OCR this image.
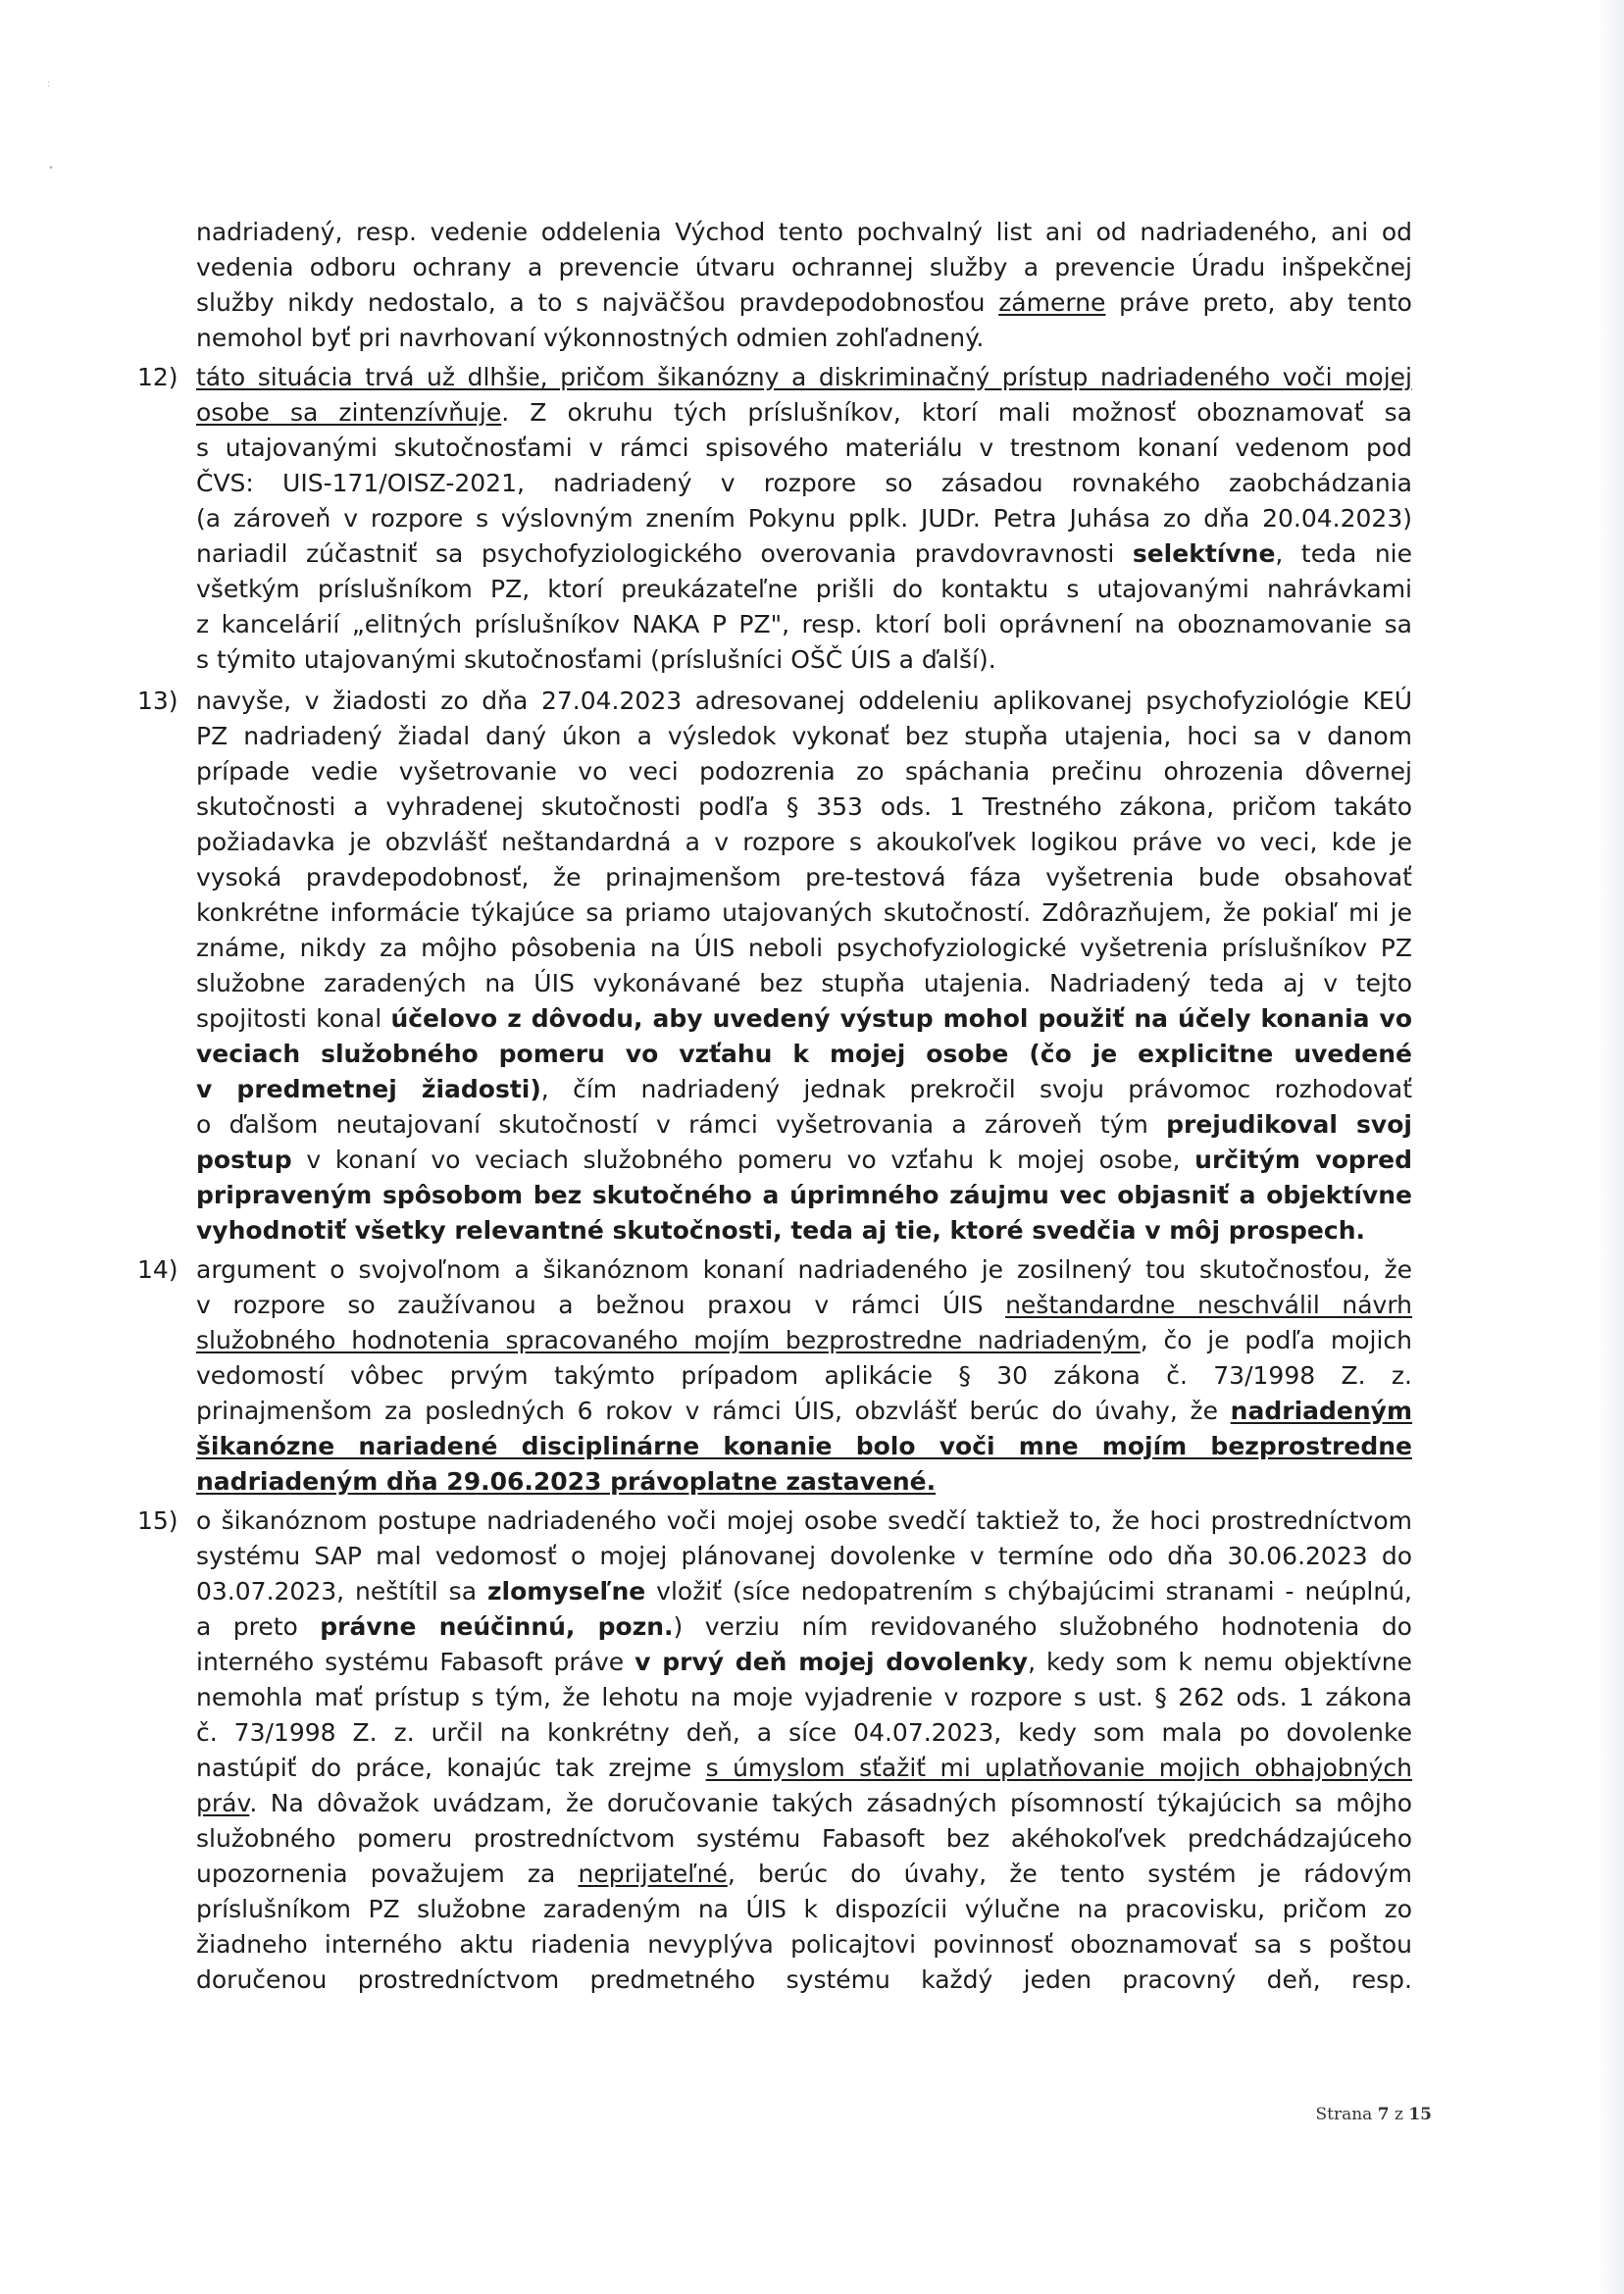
:
•
nadriadený, resp. vedenie oddelenia Východ tento pochvalný list ani od nadriadeného, ani od
vedenia odboru ochrany a prevencie útvaru ochrannej služby a prevencie Úradu inšpekčnej
služby nikdy nedostalo, a to s najväčšou pravdepodobnosťou zámerne práve preto, aby tento
nemohol byť pri navrhovaní výkonnostných odmien zohľadnený.
12) táto situácia trvá už dlhšie, pričom šikanózny a diskriminačný prístup nadriadeného voči mojej
osobe sa zintenzívňuje. Z okruhu tých príslušníkov, ktorí mali možnosť oboznamovať sa
s utajovanými skutočnosťami v rámci spisového materiálu v trestnom konaní vedenom pod
ČVS: UIS-171/OISZ-2021, nadriadený v rozpore so zásadou rovnakého zaobchádzania
(a zároveň v rozpore s výslovným znením Pokynu pplk. JUDr. Petra Juhása zo dňa 20.04.2023)
nariadil zúčastniť sa psychofyziologického overovania pravdovravnosti selektívne, teda nie
všetkým príslušníkom PZ, ktorí preukázateľne prišli do kontaktu s utajovanými nahrávkami
z kancelárií „elitných príslušníkov NAKA P PZ", resp. ktorí boli oprávnení na oboznamovanie sa
s týmito utajovanými skutočnosťami (príslušníci OŠČ ÚIS a ďalší).
13) navyše, v žiadosti zo dňa 27.04.2023 adresovanej oddeleniu aplikovanej psychofyziológie KEÚ
PZ nadriadený žiadal daný úkon a výsledok vykonať bez stupňa utajenia, hoci sa v danom
prípade vedie vyšetrovanie vo veci podozrenia zo spáchania prečinu ohrozenia dôvernej
skutočnosti a vyhradenej skutočnosti podľa § 353 ods. 1 Trestného zákona, pričom takáto
požiadavka je obzvlášť neštandardná a v rozpore s akoukoľvek logikou práve vo veci, kde je
vysoká pravdepodobnosť, že prinajmenšom pre-testová fáza vyšetrenia bude obsahovať
konkrétne informácie týkajúce sa priamo utajovaných skutočností. Zdôrazňujem, že pokiaľ mi je
známe, nikdy za môjho pôsobenia na ÚIS neboli psychofyziologické vyšetrenia príslušníkov PZ
služobne zaradených na ÚIS vykonávané bez stupňa utajenia. Nadriadený teda aj v tejto
spojitosti konal účelovo z dôvodu, aby uvedený výstup mohol použiť na účely konania vo
veciach služobného pomeru vo vzťahu k mojej osobe (čo je explicitne uvedené
v predmetnej žiadosti), čím nadriadený jednak prekročil svoju právomoc rozhodovať
o ďalšom neutajovaní skutočností v rámci vyšetrovania a zároveň tým prejudikoval svoj
postup v konaní vo veciach služobného pomeru vo vzťahu k mojej osobe, určitým vopred
pripraveným spôsobom bez skutočného a úprimného záujmu vec objasniť a objektívne
vyhodnotiť všetky relevantné skutočnosti, teda aj tie, ktoré svedčia v môj prospech.
14) argument o svojvoľnom a šikanóznom konaní nadriadeného je zosilnený tou skutočnosťou, že
v rozpore so zaužívanou a bežnou praxou v rámci ÚIS neštandardne neschválil návrh
služobného hodnotenia spracovaného mojím bezprostredne nadriadeným, čo je podľa mojich
vedomostí vôbec prvým takýmto prípadom aplikácie § 30 zákona č. 73/1998 Z. z.
prinajmenšom za posledných 6 rokov v rámci ÚIS, obzvlášť berúc do úvahy, že nadriadeným
šikanózne nariadené disciplinárne konanie bolo voči mne mojím bezprostredne
nadriadeným dňa 29.06.2023 právoplatne zastavené.
15) o šikanóznom postupe nadriadeného voči mojej osobe svedčí taktiež to, že hoci prostredníctvom
systému SAP mal vedomosť o mojej plánovanej dovolenke v termíne odo dňa 30.06.2023 do
03.07.2023, neštítil sa zlomyseľne vložiť (síce nedopatrením s chýbajúcimi stranami - neúplnú,
a preto právne neúčinnú, pozn.) verziu ním revidovaného služobného hodnotenia do
interného systému Fabasoft práve v prvý deň mojej dovolenky, kedy som k nemu objektívne
nemohla mať prístup s tým, že lehotu na moje vyjadrenie v rozpore s ust. § 262 ods. 1 zákona
č. 73/1998 Z. z. určil na konkrétny deň, a síce 04.07.2023, kedy som mala po dovolenke
nastúpiť do práce, konajúc tak zrejme s úmyslom sťažiť mi uplatňovanie mojich obhajobných
práv. Na dôvažok uvádzam, že doručovanie takých zásadných písomností týkajúcich sa môjho
služobného pomeru prostredníctvom systému Fabasoft bez akéhokoľvek predchádzajúceho
upozornenia považujem za neprijateľné, berúc do úvahy, že tento systém je rádovým
príslušníkom PZ služobne zaradeným na ÚIS k dispozícii výlučne na pracovisku, pričom zo
žiadneho interného aktu riadenia nevyplýva policajtovi povinnosť oboznamovať sa s poštou
doručenou prostredníctvom predmetného systému každý jeden pracovný deň, resp.
Strana 7 z 15
